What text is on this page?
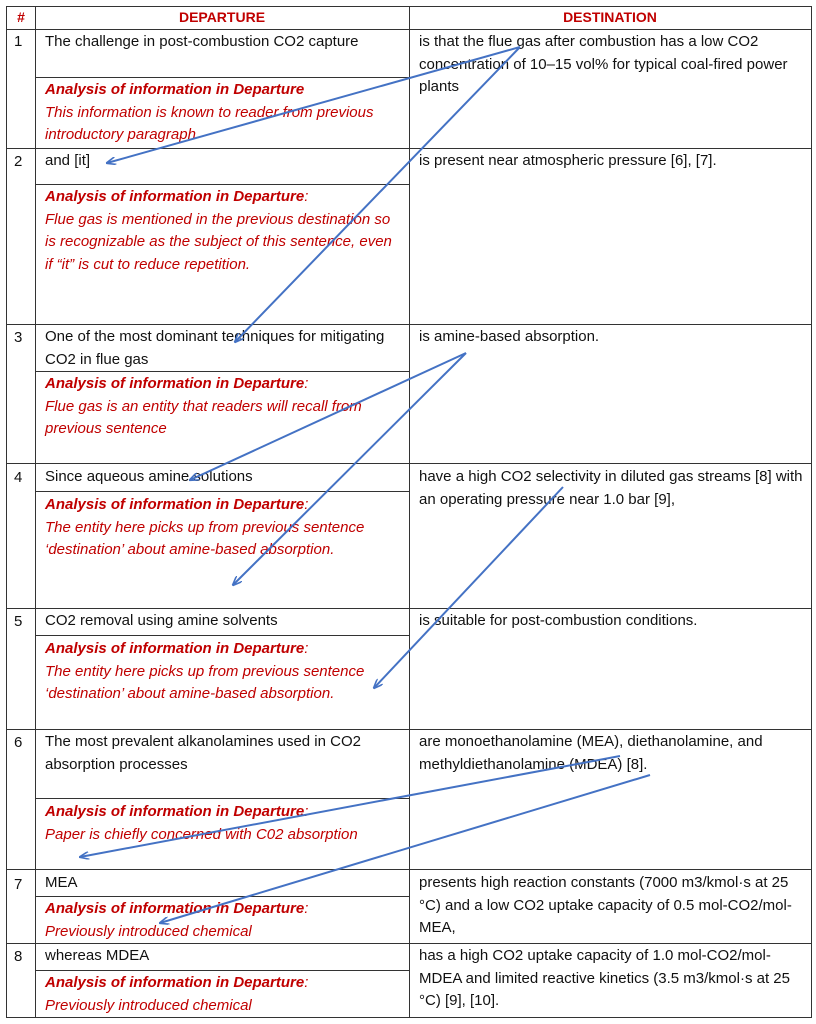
#	DEPARTURE	DESTINATION
1 The challenge in post-combustion CO2 capture
Analysis of information in Departure
This information is known to reader from previous introductory paragraph
is that the flue gas after combustion has a low CO2 concentration of 10–15 vol% for typical coal-fired power plants
2 and [it]
Analysis of information in Departure:
Flue gas is mentioned in the previous destination so is recognizable as the subject of this sentence, even if “it” is cut to reduce repetition.
is present near atmospheric pressure [6], [7].
3 One of the most dominant techniques for mitigating CO2 in flue gas
Analysis of information in Departure:
Flue gas is an entity that readers will recall from previous sentence
is amine-based absorption.
4 Since aqueous amine solutions
Analysis of information in Departure:
The entity here picks up from previous sentence ‘destination’ about amine-based absorption.
have a high CO2 selectivity in diluted gas streams [8] with an operating pressure near 1.0 bar [9],
5 CO2 removal using amine solvents
Analysis of information in Departure:
The entity here picks up from previous sentence ‘destination’ about amine-based absorption.
is suitable for post-combustion conditions.
6 The most prevalent alkanolamines used in CO2 absorption processes
Analysis of information in Departure:
Paper is chiefly concerned with C02 absorption
are monoethanolamine (MEA), diethanolamine, and methyldiethanolamine (MDEA) [8].
7 MEA
Analysis of information in Departure:
Previously introduced chemical
presents high reaction constants (7000 m3/kmol·s at 25 °C) and a low CO2 uptake capacity of 0.5 mol-CO2/mol-MEA,
8 whereas MDEA
Analysis of information in Departure:
Previously introduced chemical
has a high CO2 uptake capacity of 1.0 mol-CO2/mol-MDEA and limited reactive kinetics (3.5 m3/kmol·s at 25 °C) [9], [10].
